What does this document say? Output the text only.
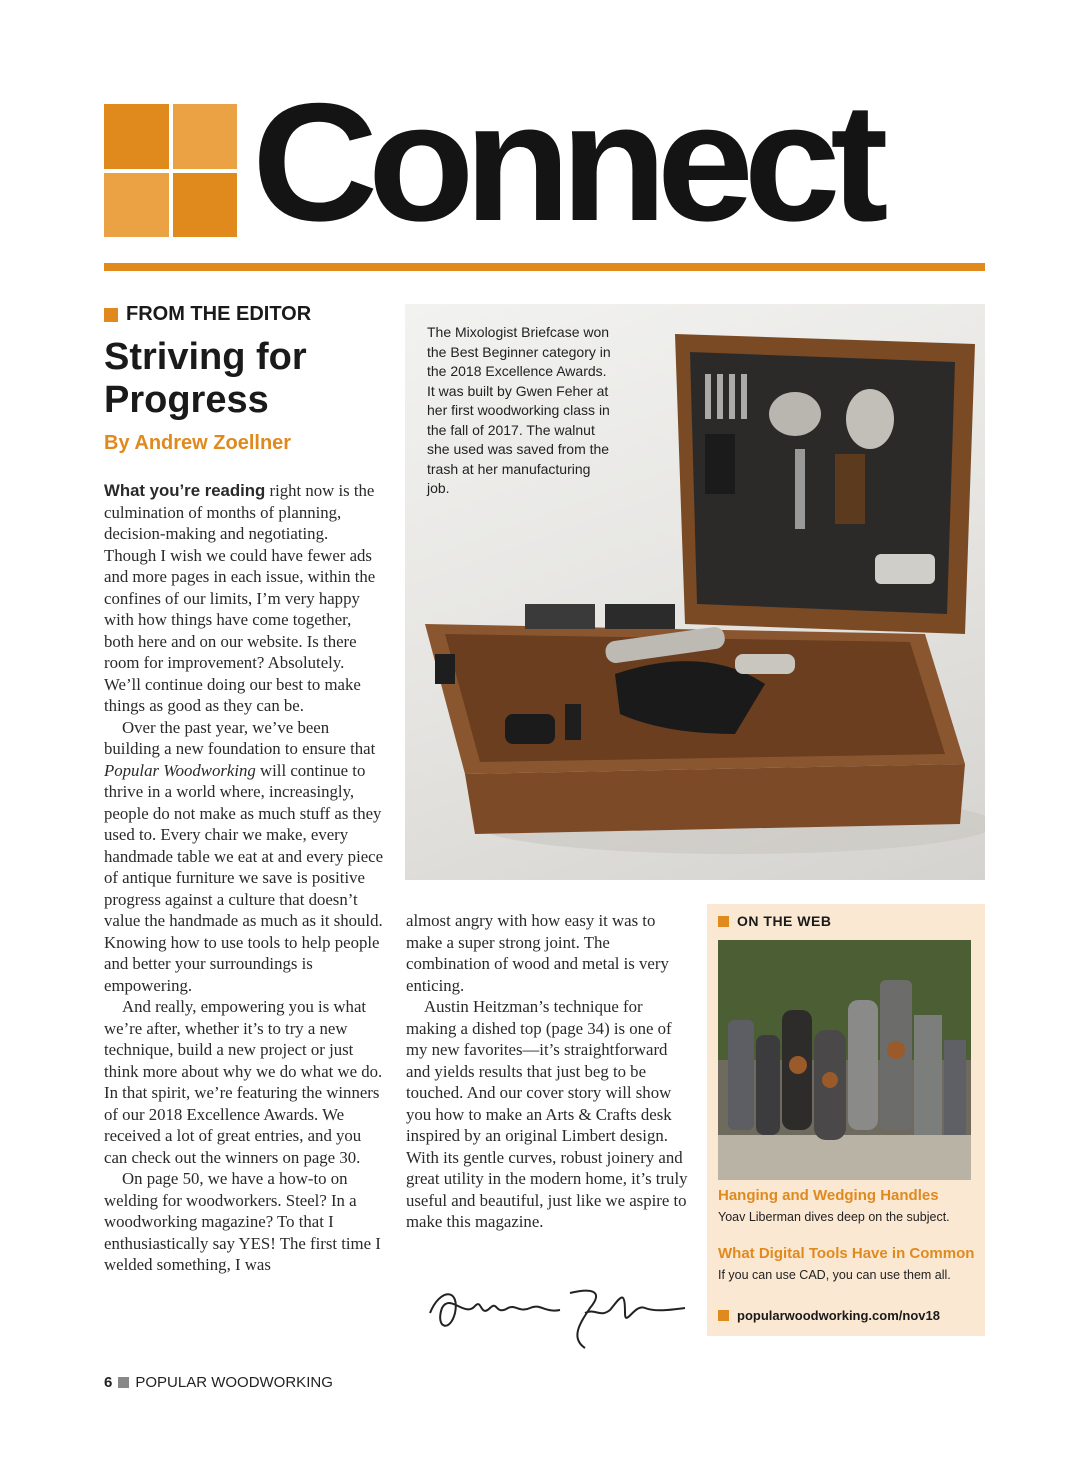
Connect
FROM THE EDITOR
Striving for Progress
By Andrew Zoellner

What you’re reading right now is the culmination of months of planning, decision-making and negotiating. Though I wish we could have fewer ads and more pages in each issue, within the confines of our limits, I’m very happy with how things have come together, both here and on our website. Is there room for improvement? Absolutely. We’ll continue doing our best to make things as good as they can be.

Over the past year, we’ve been building a new foundation to ensure that Popular Woodworking will continue to thrive in a world where, increasingly, people do not make as much stuff as they used to. Every chair we make, every handmade table we eat at and every piece of antique furniture we save is positive progress against a culture that doesn’t value the handmade as much as it should. Knowing how to use tools to help people and better your surroundings is empowering.

And really, empowering you is what we’re after, whether it’s to try a new technique, build a new project or just think more about why we do what we do. In that spirit, we’re featuring the winners of our 2018 Excellence Awards. We received a lot of great entries, and you can check out the winners on page 30.

On page 50, we have a how-to on welding for woodworkers. Steel? In a woodworking magazine? To that I enthusiastically say YES! The first time I welded something, I was

The Mixologist Briefcase won the Best Beginner category in the 2018 Excellence Awards. It was built by Gwen Feher at her first woodworking class in the fall of 2017. The walnut she used was saved from the trash at her manufacturing job.

almost angry with how easy it was to make a super strong joint. The combination of wood and metal is very enticing.

Austin Heitzman’s technique for making a dished top (page 34) is one of my new favorites—it’s straightforward and yields results that just beg to be touched. And our cover story will show you how to make an Arts & Crafts desk inspired by an original Limbert design. With its gentle curves, robust joinery and great utility in the modern home, it’s truly useful and beautiful, just like we aspire to make this magazine.

ON THE WEB
Hanging and Wedging Handles
Yoav Liberman dives deep on the subject.
What Digital Tools Have in Common
If you can use CAD, you can use them all.
popularwoodworking.com/nov18
6 POPULAR WOODWORKING
